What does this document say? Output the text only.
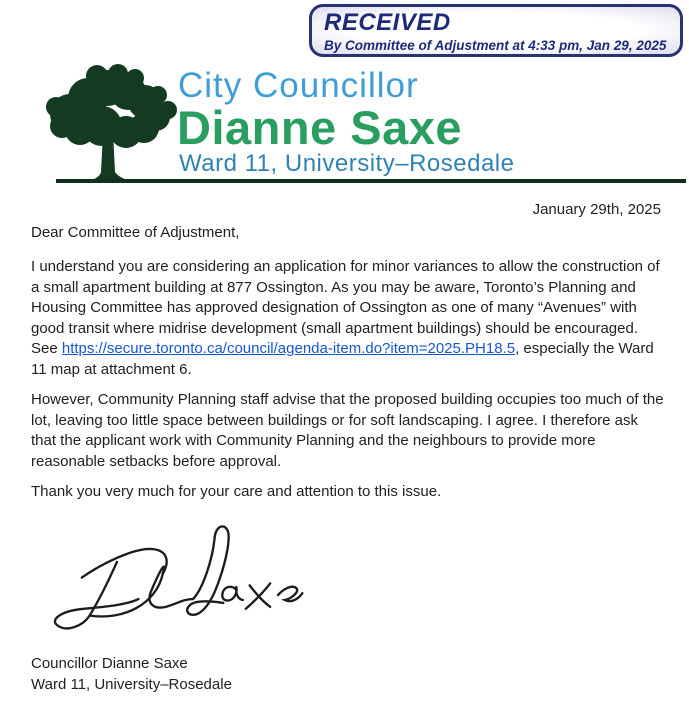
RECEIVED
By Committee of Adjustment at 4:33 pm, Jan 29, 2025
City Councillor
Dianne Saxe
Ward 11, University–Rosedale
January 29th, 2025
Dear Committee of Adjustment,

I understand you are considering an application for minor variances to allow the construction of a small apartment building at 877 Ossington. As you may be aware, Toronto’s Planning and Housing Committee has approved designation of Ossington as one of many “Avenues” with good transit where midrise development (small apartment buildings) should be encouraged. See https://secure.toronto.ca/council/agenda-item.do?item=2025.PH18.5, especially the Ward 11 map at attachment 6.

However, Community Planning staff advise that the proposed building occupies too much of the lot, leaving too little space between buildings or for soft landscaping. I agree. I therefore ask that the applicant work with Community Planning and the neighbours to provide more reasonable setbacks before approval.

Thank you very much for your care and attention to this issue.

Councillor Dianne Saxe
Ward 11, University–Rosedale
